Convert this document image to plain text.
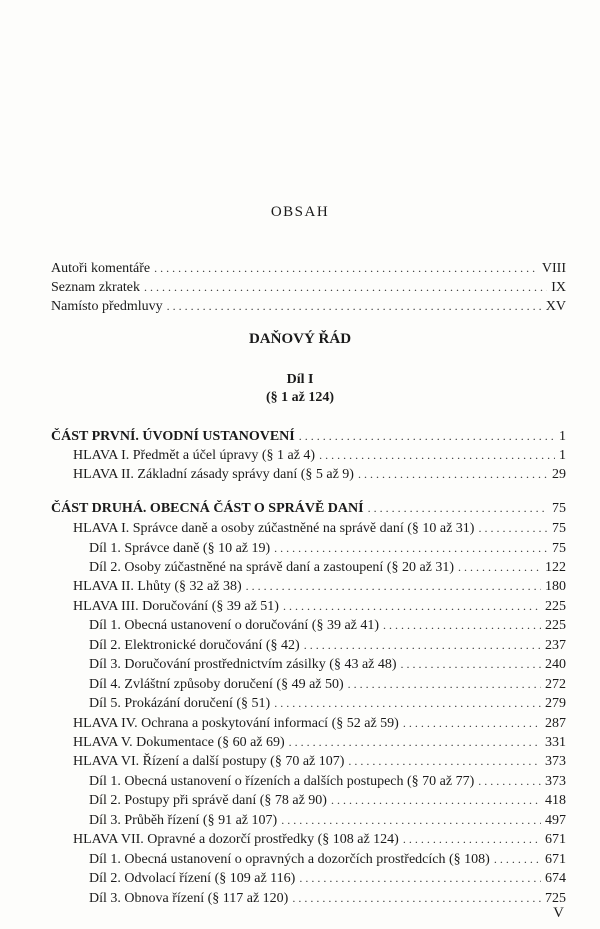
OBSAH
Autoři komentáře . . .	VIII
Seznam zkratek . . .	IX
Namísto předmluvy . . .	XV
DAŇOVÝ ŘÁD
Díl I
(§ 1 až 124)
ČÁST PRVNÍ. ÚVODNÍ USTANOVENÍ . . .	1
HLAVA I. Předmět a účel úpravy (§ 1 až 4) . . .	1
HLAVA II. Základní zásady správy daní (§ 5 až 9) . . .	29
ČÁST DRUHÁ. OBECNÁ ČÁST O SPRÁVĚ DANÍ . . .	75
HLAVA I. Správce daně a osoby zúčastněné na správě daní (§ 10 až 31) . . .	75
Díl 1. Správce daně (§ 10 až 19) . . .	75
Díl 2. Osoby zúčastněné na správě daní a zastoupení (§ 20 až 31) . . .	122
HLAVA II. Lhůty (§ 32 až 38) . . .	180
HLAVA III. Doručování (§ 39 až 51) . . .	225
Díl 1. Obecná ustanovení o doručování (§ 39 až 41) . . .	225
Díl 2. Elektronické doručování (§ 42) . . .	237
Díl 3. Doručování prostřednictvím zásilky (§ 43 až 48) . . .	240
Díl 4. Zvláštní způsoby doručení (§ 49 až 50) . . .	272
Díl 5. Prokázání doručení (§ 51) . . .	279
HLAVA IV. Ochrana a poskytování informací (§ 52 až 59) . . .	287
HLAVA V. Dokumentace (§ 60 až 69) . . .	331
HLAVA VI. Řízení a další postupy (§ 70 až 107) . . .	373
Díl 1. Obecná ustanovení o řízeních a dalších postupech (§ 70 až 77) . . .	373
Díl 2. Postupy při správě daní (§ 78 až 90) . . .	418
Díl 3. Průběh řízení (§ 91 až 107) . . .	497
HLAVA VII. Opravné a dozorčí prostředky (§ 108 až 124) . . .	671
Díl 1. Obecná ustanovení o opravných a dozorčích prostředcích (§ 108) . . .	671
Díl 2. Odvolací řízení (§ 109 až 116) . . .	674
Díl 3. Obnova řízení (§ 117 až 120) . . .	725
V
